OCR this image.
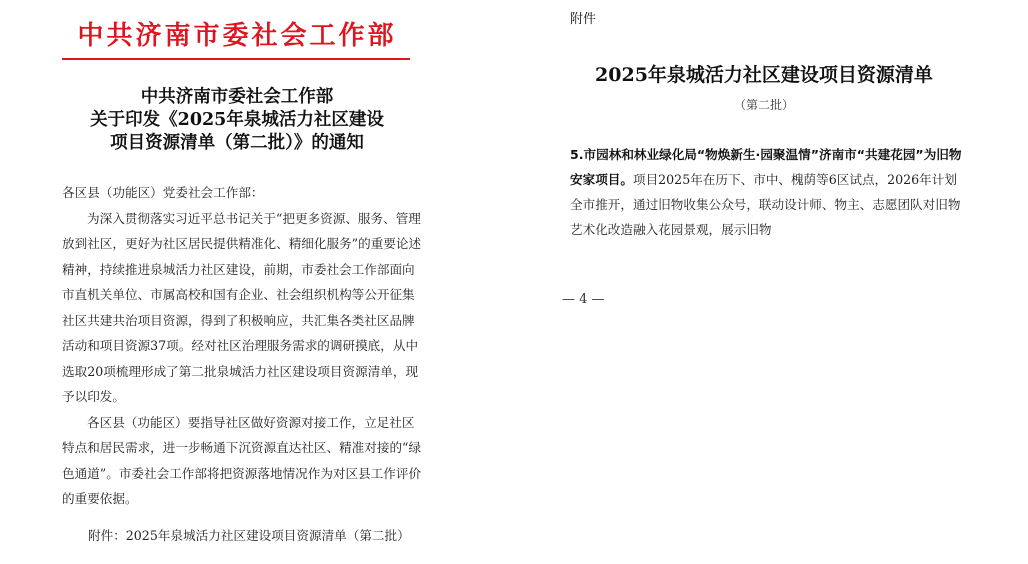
中共济南市委社会工作部
中共济南市委社会工作部
关于印发《2025年泉城活力社区建设
项目资源清单（第二批）》的通知

各区县（功能区）党委社会工作部：

为深入贯彻落实习近平总书记关于“把更多资源、服务、管理放到社区，更好为社区居民提供精准化、精细化服务”的重要论述精神，持续推进泉城活力社区建设，前期，市委社会工作部面向市直机关单位、市属高校和国有企业、社会组织机构等公开征集社区共建共治项目资源，得到了积极响应，共汇集各类社区品牌活动和项目资源37项。经对社区治理服务需求的调研摸底，从中选取20项梳理形成了第二批泉城活力社区建设项目资源清单，现予以印发。

各区县（功能区）要指导社区做好资源对接工作，立足社区特点和居民需求，进一步畅通下沉资源直达社区、精准对接的“绿色通道”。市委社会工作部将把资源落地情况作为对区县工作评价的重要依据。

附件：2025年泉城活力社区建设项目资源清单（第二批）
附件
2025年泉城活力社区建设项目资源清单
（第二批）
5.市园林和林业绿化局“物焕新生·园聚温情”济南市“共建花园”为旧物安家项目。项目2025年在历下、市中、槐荫等6区试点，2026年计划全市推开，通过旧物收集公众号，联动设计师、物主、志愿团队对旧物艺术化改造融入花园景观，展示旧物
— 4 —
